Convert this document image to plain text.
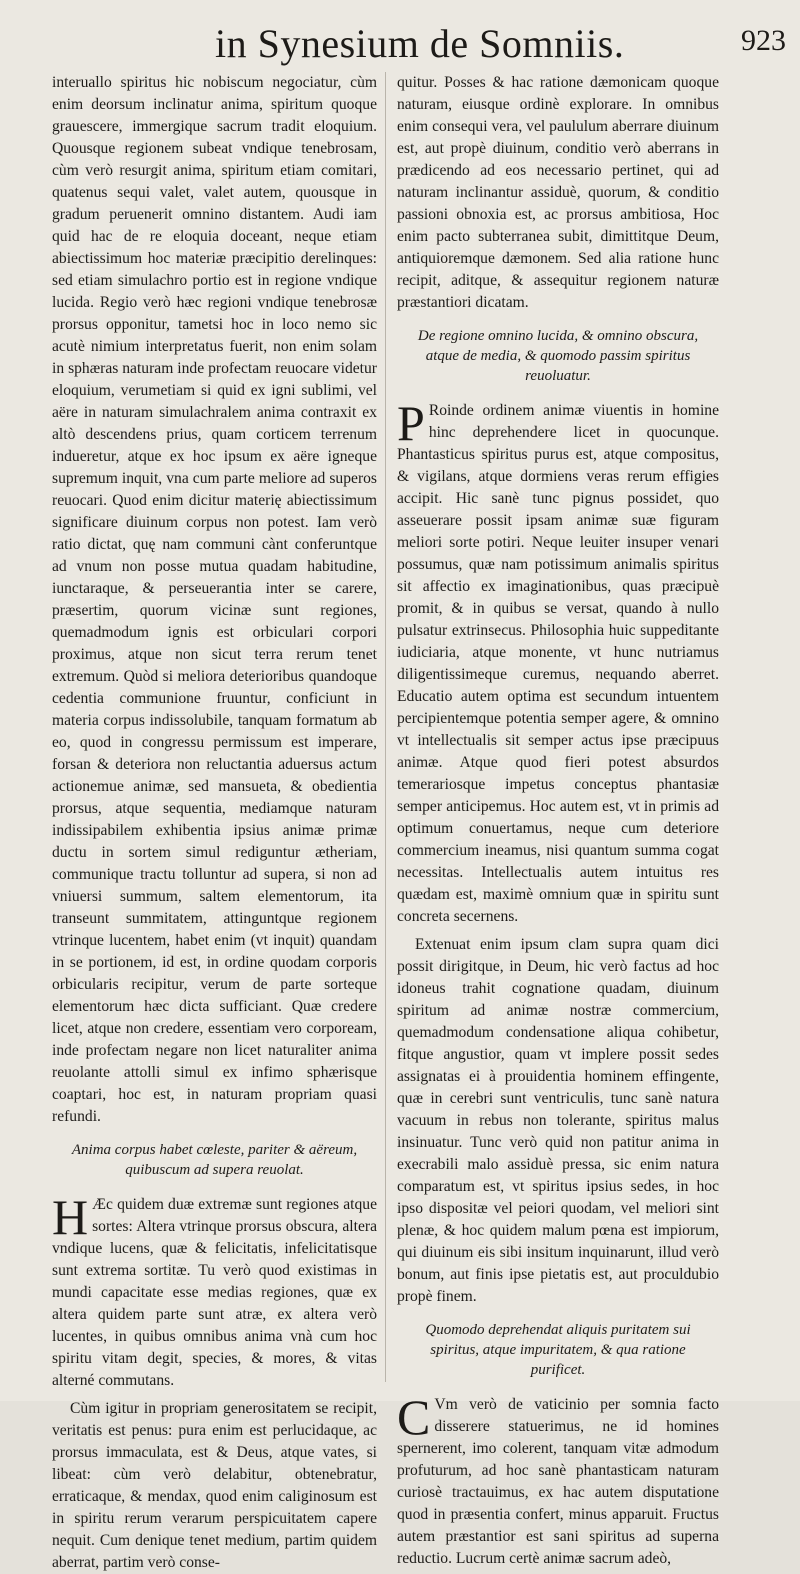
in Synesium de Somniis.	923

interuallo spiritus hic nobiscum negociatur, cùm enim deorsum inclinatur anima, spiritum quoque grauescere, immergique sacrum tradit eloquium. Quousque regionem subeat vndique tenebrosam, cùm verò resurgit anima, spiritum etiam comitari, quatenus sequi valet, valet autem, quousque in gradum peruenerit omnino distantem. Audi iam quid hac de re eloquia doceant, neque etiam abiectissimum hoc materiæ præcipitio derelinques: sed etiam simulachro portio est in regione vndique lucida. Regio verò hæc regioni vndique tenebrosæ prorsus opponitur, tametsi hoc in loco nemo sic acutè nimium interpretatus fuerit, non enim solam in sphæras naturam inde profectam reuocare videtur eloquium, verumetiam si quid ex igni sublimi, vel aëre in naturam simulachralem anima contraxit ex altò descendens prius, quam corticem terrenum indueretur, atque ex hoc ipsum ex aëre igneque supremum inquit, vna cum parte meliore ad superos reuocari. Quod enim dicitur materię abiectissimum significare diuinum corpus non potest. Iam verò ratio dictat, quę nam communi cànt conferuntque ad vnum non posse mutua quadam habitudine, iunctaraque, & perseuerantia inter se carere, præsertim, quorum vicinæ sunt regiones, quemadmodum ignis est orbiculari corpori proximus, atque non sicut terra rerum tenet extremum. Quòd si meliora deterioribus quandoque cedentia communione fruuntur, conficiunt in materia corpus indissolubile, tanquam formatum ab eo, quod in congressu permissum est imperare, forsan & deteriora non reluctantia aduersus actum actionemue animæ, sed mansueta, & obedientia prorsus, atque sequentia, mediamque naturam indissipabilem exhibentia ipsius animæ primæ ductu in sortem simul rediguntur ætheriam, communique tractu tolluntur ad supera, si non ad vniuersi summum, saltem elementorum, ita transeunt summitatem, attinguntque regionem vtrinque lucentem, habet enim (vt inquit) quandam in se portionem, id est, in ordine quodam corporis orbicularis recipitur, verum de parte sorteque elementorum hæc dicta sufficiant. Quæ credere licet, atque non credere, essentiam vero corpoream, inde profectam negare non licet naturaliter anima reuolante attolli simul ex infimo sphærisque coaptari, hoc est, in naturam propriam quasi refundi.

Anima corpus habet cœleste, pariter & aëreum, quibuscum ad supera reuolat.

H Æc quidem duæ extremæ sunt regiones atque sortes: Altera vtrinque prorsus obscura, altera vndique lucens, quæ & felicitatis, infelicitatisque sunt extrema sortitæ. Tu verò quod existimas in mundi capacitate esse medias regiones, quæ ex altera quidem parte sunt atræ, ex altera verò lucentes, in quibus omnibus anima vnà cum hoc spiritu vitam degit, species, & mores, & vitas alterné commutans.

Cùm igitur in propriam generositatem se recipit, veritatis est penus: pura enim est perlucidaque, ac prorsus immaculata, est & Deus, atque vates, si libeat: cùm verò delabitur, obtenebratur, erraticaque, & mendax, quod enim caliginosum est in spiritu rerum verarum perspicuitatem capere nequit. Cum denique tenet medium, partim quidem aberrat, partim verò conse-

quitur. Posses & hac ratione dæmonicam quoque naturam, eiusque ordinè explorare. In omnibus enim consequi vera, vel paululum aberrare diuinum est, aut propè diuinum, conditio verò aberrans in prædicendo ad eos necessario pertinet, qui ad naturam inclinantur assiduè, quorum, & conditio passioni obnoxia est, ac prorsus ambitiosa, Hoc enim pacto subterranea subit, dimittitque Deum, antiquioremque dæmonem. Sed alia ratione hunc recipit, aditque, & assequitur regionem naturæ præstantiori dicatam.

De regione omnino lucida, & omnino obscura, atque de media, & quomodo passim spiritus reuoluatur.

P Roinde ordinem animæ viuentis in homine hinc deprehendere licet in quocunque. Phantasticus spiritus purus est, atque compositus, & vigilans, atque dormiens veras rerum effigies accipit. Hic sanè tunc pignus possidet, quo asseuerare possit ipsam animæ suæ figuram meliori sorte potiri. Neque leuiter insuper venari possumus, quæ nam potissimum animalis spiritus sit affectio ex imaginationibus, quas præcipuè promit, & in quibus se versat, quando à nullo pulsatur extrinsecus. Philosophia huic suppeditante iudiciaria, atque monente, vt hunc nutriamus diligentissimeque curemus, nequando aberret. Educatio autem optima est secundum intuentem percipientemque potentia semper agere, & omnino vt intellectualis sit semper actus ipse præcipuus animæ. Atque quod fieri potest absurdos temerariosque impetus conceptus phantasiæ semper anticipemus. Hoc autem est, vt in primis ad optimum conuertamus, neque cum deteriore commercium ineamus, nisi quantum summa cogat necessitas. Intellectualis autem intuitus res quædam est, maximè omnium quæ in spiritu sunt concreta secernens.

Extenuat enim ipsum clam supra quam dici possit dirigitque, in Deum, hic verò factus ad hoc idoneus trahit cognatione quadam, diuinum spiritum ad animæ nostræ commercium, quemadmodum condensatione aliqua cohibetur, fitque angustior, quam vt implere possit sedes assignatas ei à prouidentia hominem effingente, quæ in cerebri sunt ventriculis, tunc sanè natura vacuum in rebus non tolerante, spiritus malus insinuatur. Tunc verò quid non patitur anima in execrabili malo assiduè pressa, sic enim natura comparatum est, vt spiritus ipsius sedes, in hoc ipso dispositæ vel peiori quodam, vel meliori sint plenæ, & hoc quidem malum pœna est impiorum, qui diuinum eis sibi insitum inquinarunt, illud verò bonum, aut finis ipse pietatis est, aut proculdubio propè finem.

Quomodo deprehendat aliquis puritatem sui spiritus, atque impuritatem, & qua ratione purificet.

C Vm verò de vaticinio per somnia facto disserere statuerimus, ne id homines spernerent, imo colerent, tanquam vitæ admodum profuturum, ad hoc sanè phantasticam naturam curiosè tractauimus, ex hac autem disputatione quod in præsentia confert, minus apparuit. Fructus autem præstantior est sani spiritus ad superna reductio. Lucrum certè animæ sacrum adeò,
